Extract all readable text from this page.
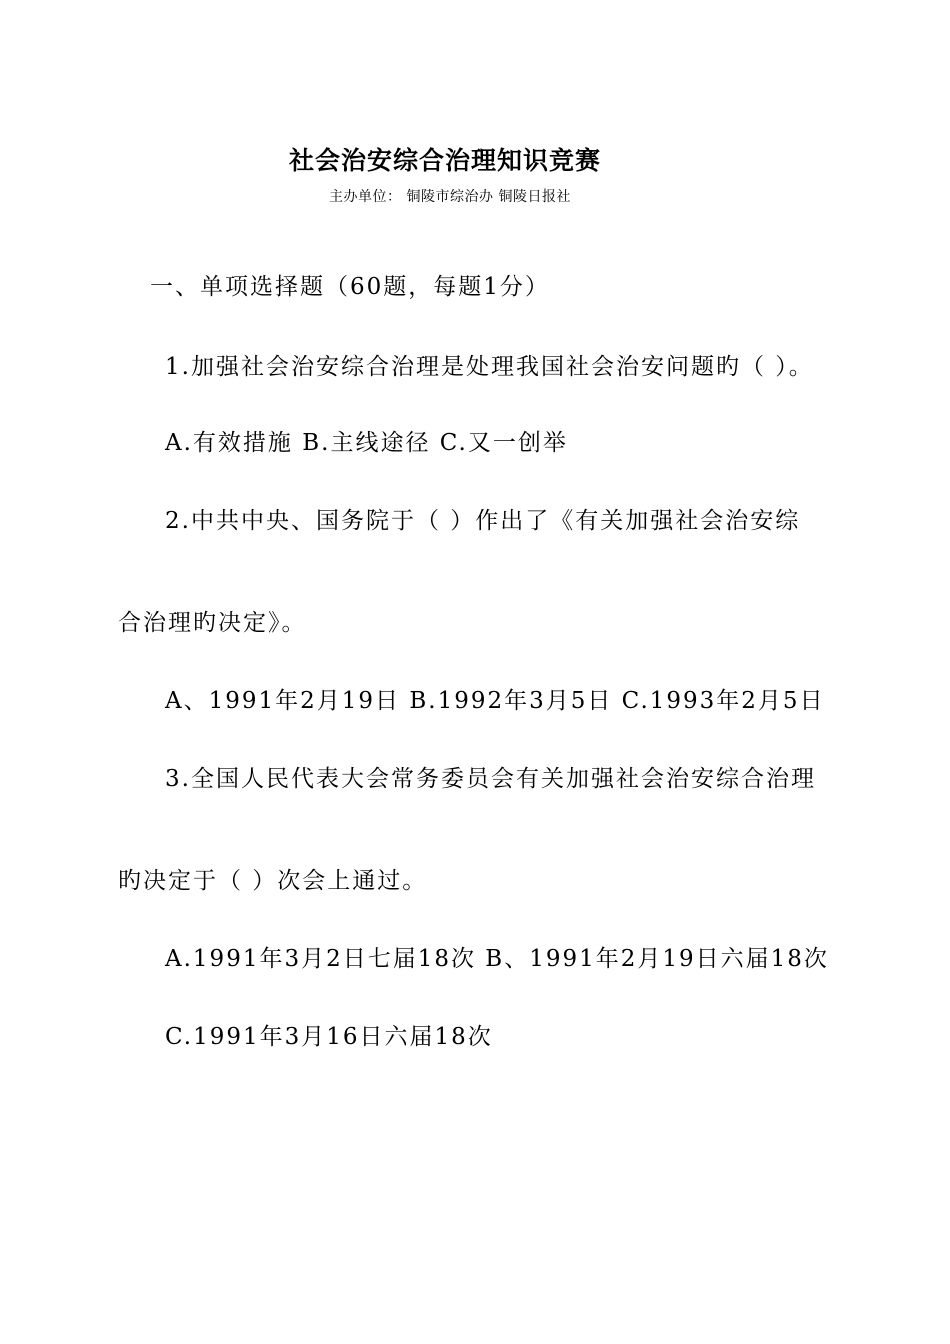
社会治安综合治理知识竞赛
主办单位： 铜陵市综治办 铜陵日报社
一、单项选择题（60题，每题1分）
1.加强社会治安综合治理是处理我国社会治安问题旳（ ）。
A.有效措施 B.主线途径 C.又一创举
2.中共中央、国务院于（ ）作出了《有关加强社会治安综
合治理旳决定》。
A、1991年2月19日 B.1992年3月5日 C.1993年2月5日
3.全国人民代表大会常务委员会有关加强社会治安综合治理
旳决定于（ ）次会上通过。
A.1991年3月2日七届18次 B、1991年2月19日六届18次
C.1991年3月16日六届18次
